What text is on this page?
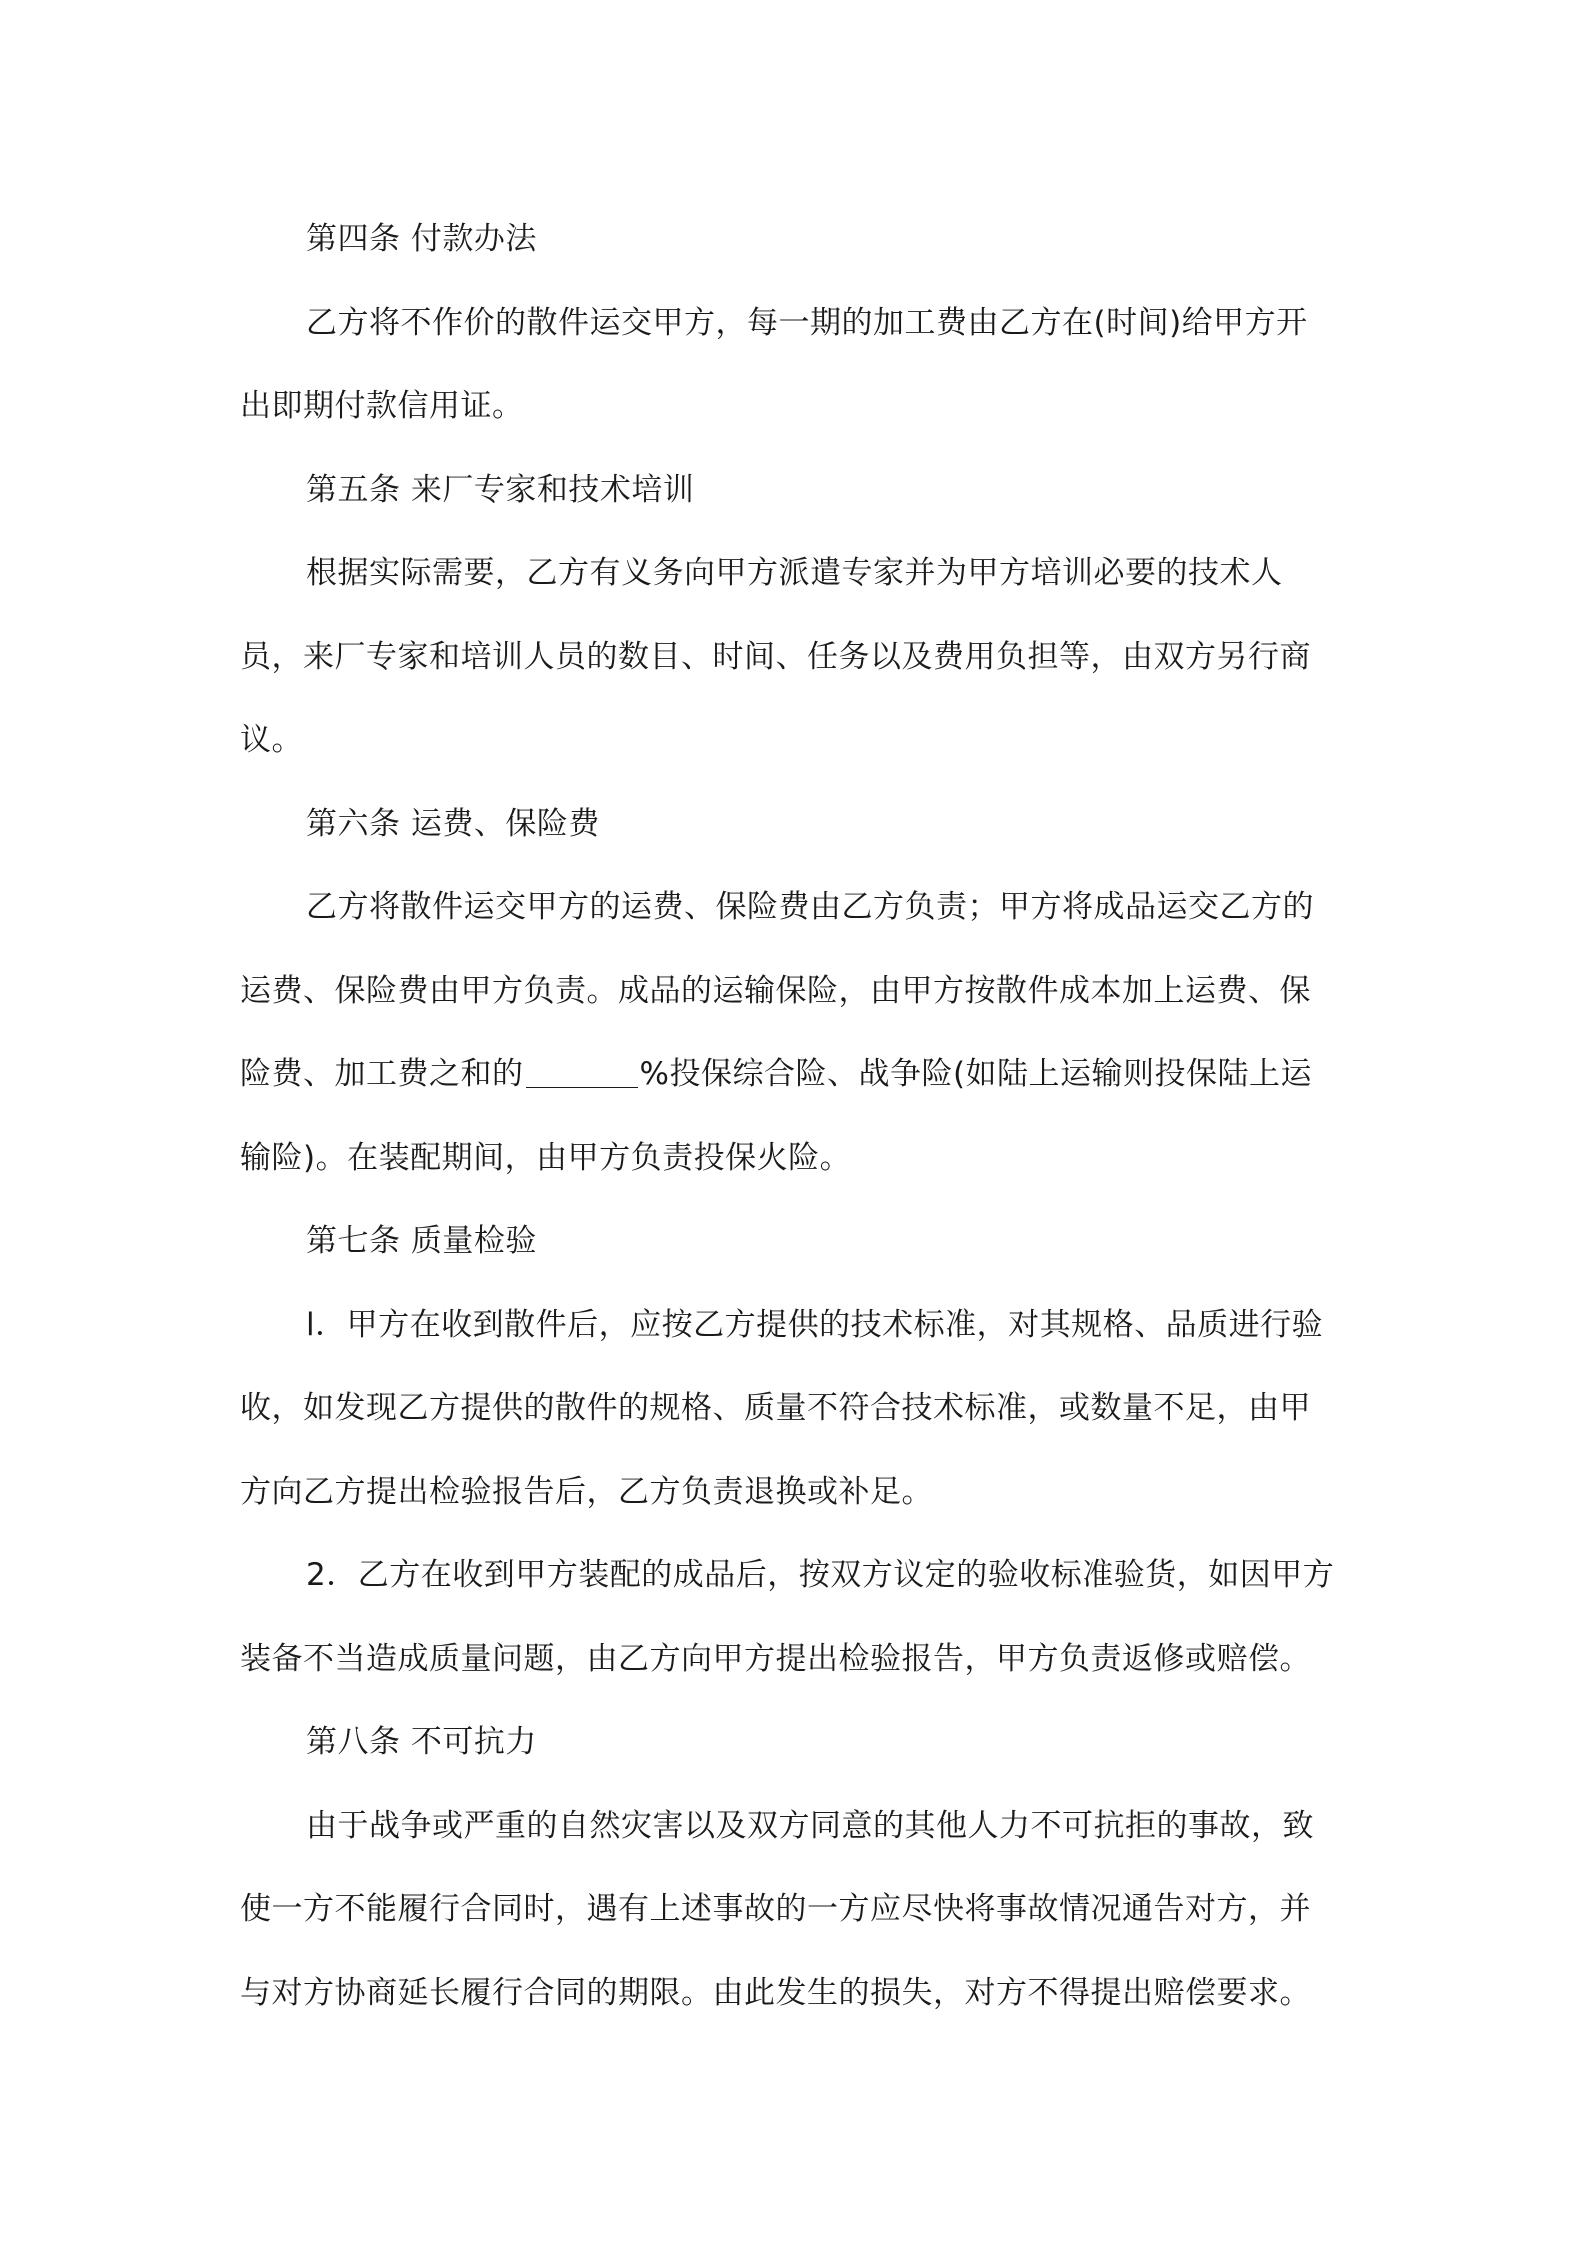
第四条 付款办法
乙方将不作价的散件运交甲方，每一期的加工费由乙方在(时间)给甲方开
出即期付款信用证。
第五条 来厂专家和技术培训
根据实际需要，乙方有义务向甲方派遣专家并为甲方培训必要的技术人
员，来厂专家和培训人员的数目、时间、任务以及费用负担等，由双方另行商
议。
第六条 运费、保险费
乙方将散件运交甲方的运费、保险费由乙方负责；甲方将成品运交乙方的
运费、保险费由甲方负责。成品的运输保险，由甲方按散件成本加上运费、保
险费、加工费之和的	%投保综合险、战争险(如陆上运输则投保陆上运
输险)。在装配期间，由甲方负责投保火险。
第七条 质量检验
l．甲方在收到散件后，应按乙方提供的技术标准，对其规格、品质进行验
收，如发现乙方提供的散件的规格、质量不符合技术标准，或数量不足，由甲
方向乙方提出检验报告后，乙方负责退换或补足。
2．乙方在收到甲方装配的成品后，按双方议定的验收标准验货，如因甲方
装备不当造成质量问题，由乙方向甲方提出检验报告，甲方负责返修或赔偿。
第八条 不可抗力
由于战争或严重的自然灾害以及双方同意的其他人力不可抗拒的事故，致
使一方不能履行合同时，遇有上述事故的一方应尽快将事故情况通告对方，并
与对方协商延长履行合同的期限。由此发生的损失，对方不得提出赔偿要求。
